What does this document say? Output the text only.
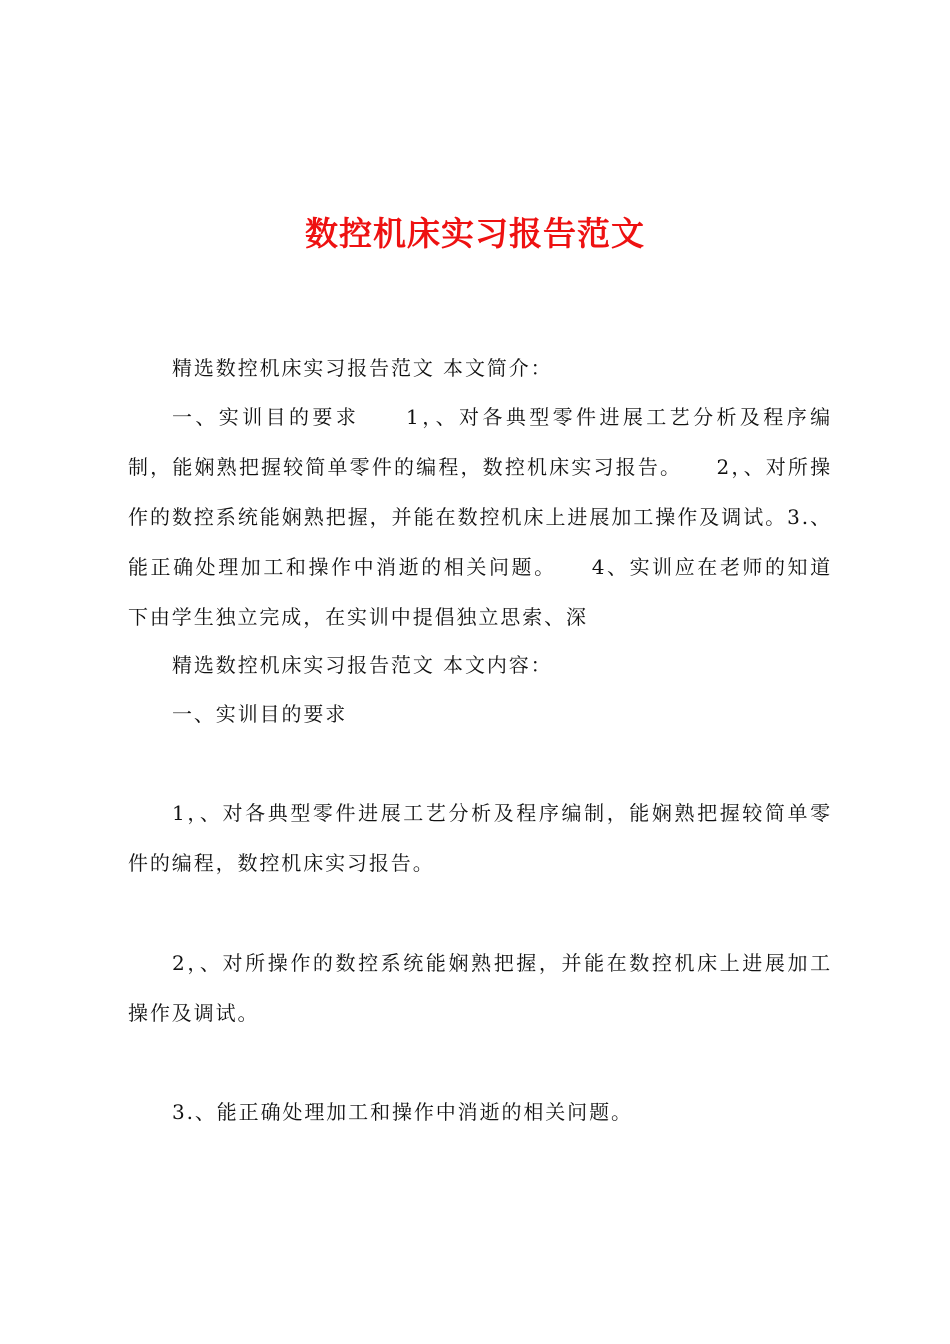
数控机床实习报告范文

精选数控机床实习报告范文 本文简介：

一、实训目的要求　　1，、对各典型零件进展工艺分析及程序编制，能娴熟把握较简单零件的编程，数控机床实习报告。　　2，、对所操作的数控系统能娴熟把握，并能在数控机床上进展加工操作及调试。3.、能正确处理加工和操作中消逝的相关问题。　　4、实训应在老师的知道下由学生独立完成，在实训中提倡独立思索、深

精选数控机床实习报告范文 本文内容：

一、实训目的要求

1，、对各典型零件进展工艺分析及程序编制，能娴熟把握较简单零件的编程，数控机床实习报告。

2，、对所操作的数控系统能娴熟把握，并能在数控机床上进展加工操作及调试。

3.、能正确处理加工和操作中消逝的相关问题。
